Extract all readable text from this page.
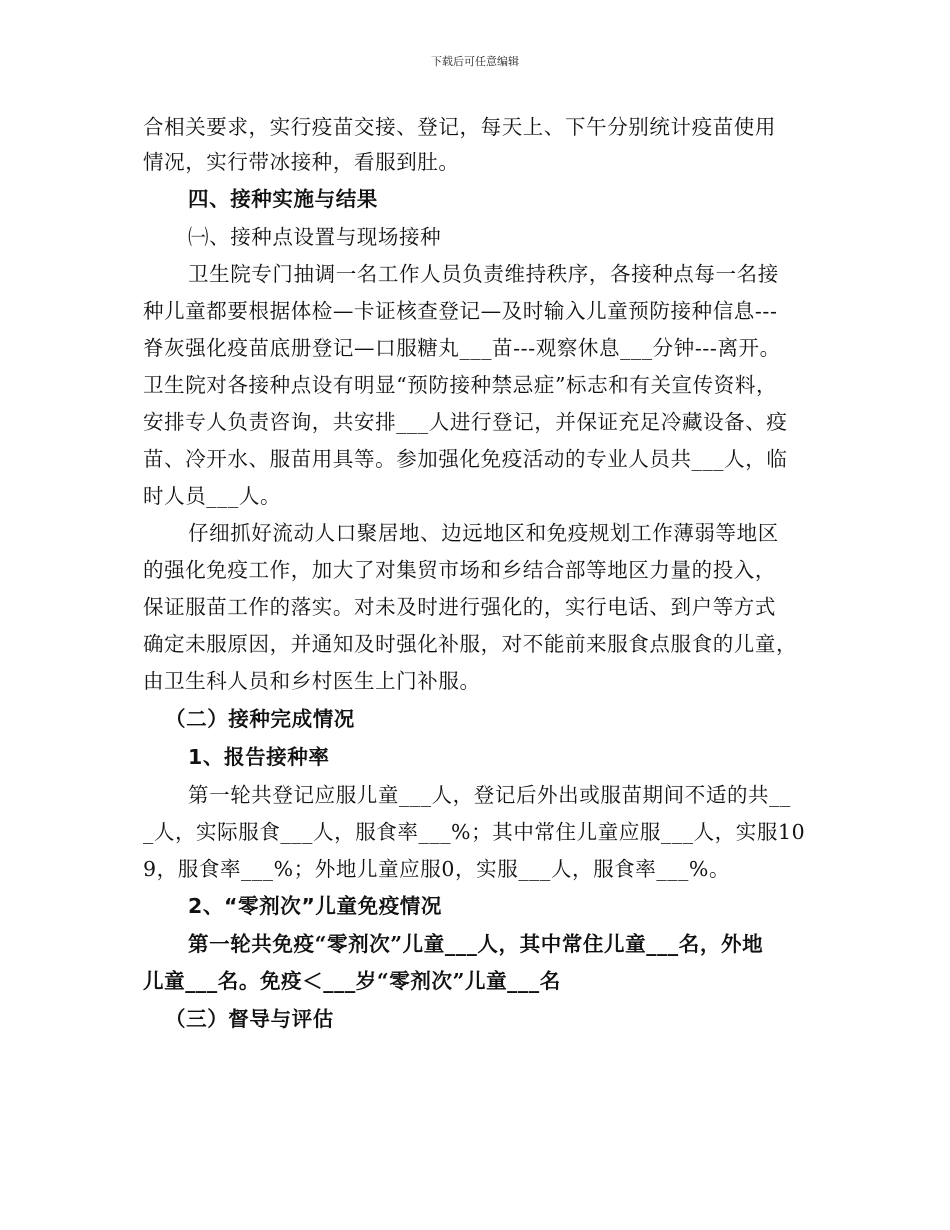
下载后可任意编辑
合相关要求，实行疫苗交接、登记，每天上、下午分别统计疫苗使用
情况，实行带冰接种，看服到肚。
四、接种实施与结果
㈠、接种点设置与现场接种
卫生院专门抽调一名工作人员负责维持秩序，各接种点每一名接
种儿童都要根据体检—卡证核查登记—及时输入儿童预防接种信息---
脊灰强化疫苗底册登记—口服糖丸___苗---观察休息___分钟---离开。
卫生院对各接种点设有明显“预防接种禁忌症”标志和有关宣传资料，
安排专人负责咨询，共安排___人进行登记，并保证充足冷藏设备、疫
苗、冷开水、服苗用具等。参加强化免疫活动的专业人员共___人，临
时人员___人。
仔细抓好流动人口聚居地、边远地区和免疫规划工作薄弱等地区
的强化免疫工作，加大了对集贸市场和乡结合部等地区力量的投入，
保证服苗工作的落实。对未及时进行强化的，实行电话、到户等方式
确定未服原因，并通知及时强化补服，对不能前来服食点服食的儿童，
由卫生科人员和乡村医生上门补服。
（二）接种完成情况
1、报告接种率
第一轮共登记应服儿童___人，登记后外出或服苗期间不适的共__
_人，实际服食___人，服食率___%；其中常住儿童应服___人，实服10
9，服食率___%；外地儿童应服0，实服___人，服食率___%。
2、“零剂次”儿童免疫情况
第一轮共免疫“零剂次”儿童___人，其中常住儿童___名，外地
儿童___名。免疫＜___岁“零剂次”儿童___名
（三）督导与评估
